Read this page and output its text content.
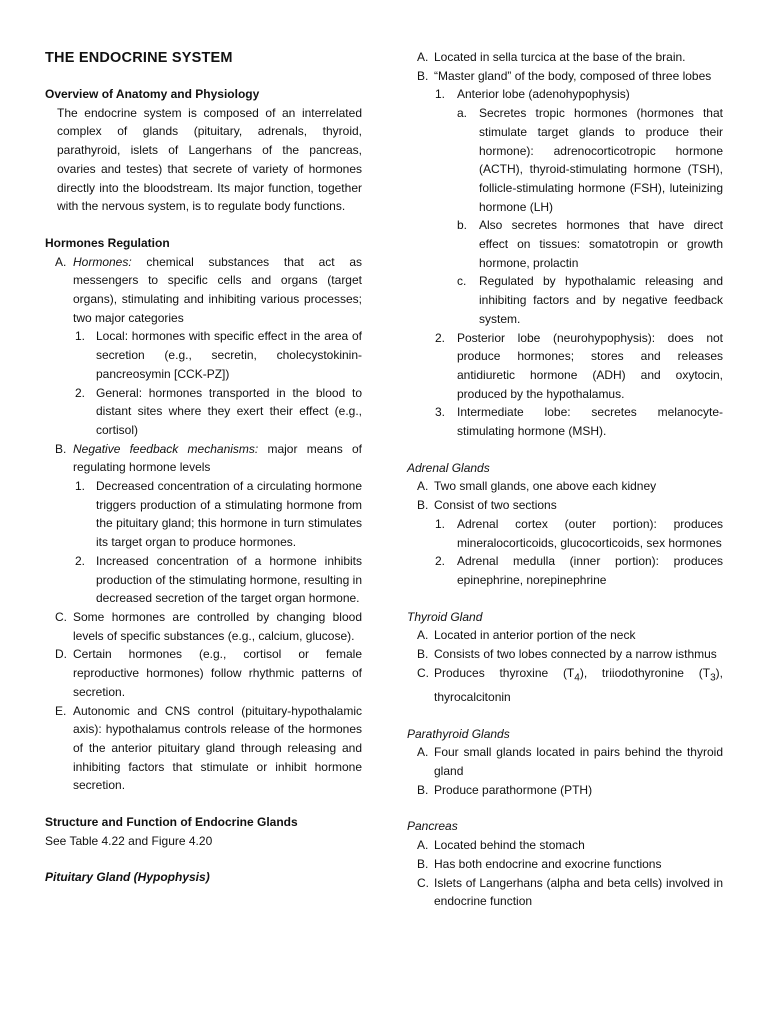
THE ENDOCRINE SYSTEM
Overview of Anatomy and Physiology
The endocrine system is composed of an interrelated complex of glands (pituitary, adrenals, thyroid, parathyroid, islets of Langerhans of the pancreas, ovaries and testes) that secrete of variety of hormones directly into the bloodstream. Its major function, together with the nervous system, is to regulate body functions.
Hormones Regulation
A. Hormones: chemical substances that act as messengers to specific cells and organs (target organs), stimulating and inhibiting various processes; two major categories
1. Local: hormones with specific effect in the area of secretion (e.g., secretin, cholecystokinin-pancreosymin [CCK-PZ])
2. General: hormones transported in the blood to distant sites where they exert their effect (e.g., cortisol)
B. Negative feedback mechanisms: major means of regulating hormone levels
1. Decreased concentration of a circulating hormone triggers production of a stimulating hormone from the pituitary gland; this hormone in turn stimulates its target organ to produce hormones.
2. Increased concentration of a hormone inhibits production of the stimulating hormone, resulting in decreased secretion of the target organ hormone.
C. Some hormones are controlled by changing blood levels of specific substances (e.g., calcium, glucose).
D. Certain hormones (e.g., cortisol or female reproductive hormones) follow rhythmic patterns of secretion.
E. Autonomic and CNS control (pituitary-hypothalamic axis): hypothalamus controls release of the hormones of the anterior pituitary gland through releasing and inhibiting factors that stimulate or inhibit hormone secretion.
Structure and Function of Endocrine Glands
See Table 4.22 and Figure 4.20
Pituitary Gland (Hypophysis)
A. Located in sella turcica at the base of the brain.
B. “Master gland” of the body, composed of three lobes
1. Anterior lobe (adenohypophysis)
a. Secretes tropic hormones (hormones that stimulate target glands to produce their hormone): adrenocorticotropic hormone (ACTH), thyroid-stimulating hormone (TSH), follicle-stimulating hormone (FSH), luteinizing hormone (LH)
b. Also secretes hormones that have direct effect on tissues: somatotropin or growth hormone, prolactin
c.	Regulated by hypothalamic releasing and inhibiting factors and by negative feedback system.
2. Posterior lobe (neurohypophysis): does not produce hormones; stores and releases antidiuretic hormone (ADH) and oxytocin, produced by the hypothalamus.
3. Intermediate lobe: secretes melanocyte-stimulating hormone (MSH).
Adrenal Glands
A. Two small glands, one above each kidney
B. Consist of two sections
1. Adrenal cortex (outer portion): produces mineralocorticoids, glucocorticoids, sex hormones
2. Adrenal medulla (inner portion): produces epinephrine, norepinephrine
Thyroid Gland
A. Located in anterior portion of the neck
B. Consists of two lobes connected by a narrow isthmus
C. Produces thyroxine $(T_4)$, triiodothyronine $(T_3)$, thyrocalcitonin
Parathyroid Glands
A. Four small glands located in pairs behind the thyroid gland
B. Produce parathormone (PTH)
Pancreas
A. Located behind the stomach
B. Has both endocrine and exocrine functions
C. Islets of Langerhans (alpha and beta cells) involved in endocrine function
